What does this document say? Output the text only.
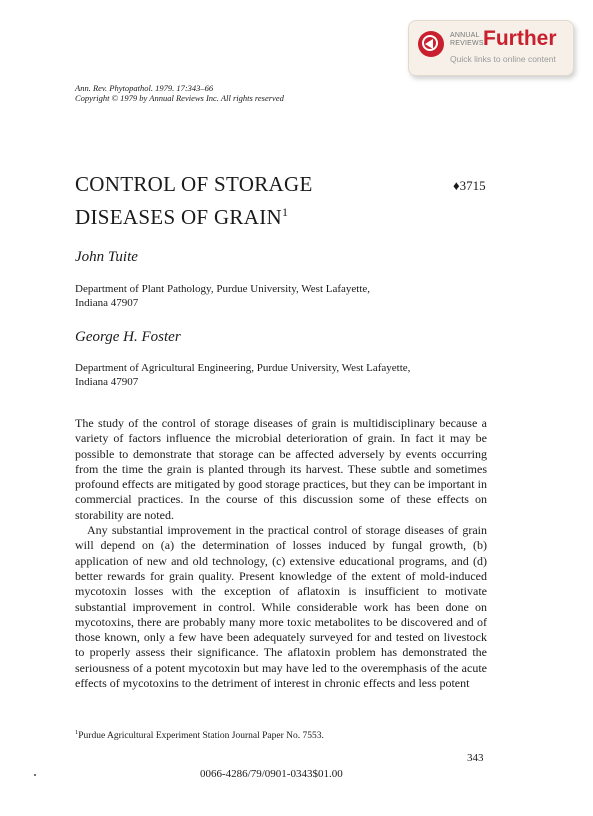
ANNUAL
REVIEWS Further
Quick links to online content
Ann. Rev. Phytopathol. 1979. 17:343–66
Copyright © 1979 by Annual Reviews Inc. All rights reserved
CONTROL OF STORAGE
DISEASES OF GRAIN$^1$
♦3715
John Tuite
Department of Plant Pathology, Purdue University, West Lafayette,
Indiana 47907
George H. Foster
Department of Agricultural Engineering, Purdue University, West Lafayette,
Indiana 47907

The study of the control of storage diseases of grain is multidisciplinary because a variety of factors influence the microbial deterioration of grain. In fact it may be possible to demonstrate that storage can be affected adversely by events occurring from the time the grain is planted through its harvest. These subtle and sometimes profound effects are mitigated by good storage practices, but they can be important in commercial practices. In the course of this discussion some of these effects on storability are noted.

Any substantial improvement in the practical control of storage diseases of grain will depend on (a) the determination of losses induced by fungal growth, (b) application of new and old technology, (c) extensive educational programs, and (d) better rewards for grain quality. Present knowledge of the extent of mold-induced mycotoxin losses with the exception of aflatoxin is insufficient to motivate substantial improvement in control. While considerable work has been done on mycotoxins, there are probably many more toxic metabolites to be discovered and of those known, only a few have been adequately surveyed for and tested on livestock to properly assess their significance. The aflatoxin problem has demonstrated the seriousness of a potent mycotoxin but may have led to the overemphasis of the acute effects of mycotoxins to the detriment of interest in chronic effects and less potent

$^1$Purdue Agricultural Experiment Station Journal Paper No. 7553.
343
0066-4286/79/0901-0343$01.00
